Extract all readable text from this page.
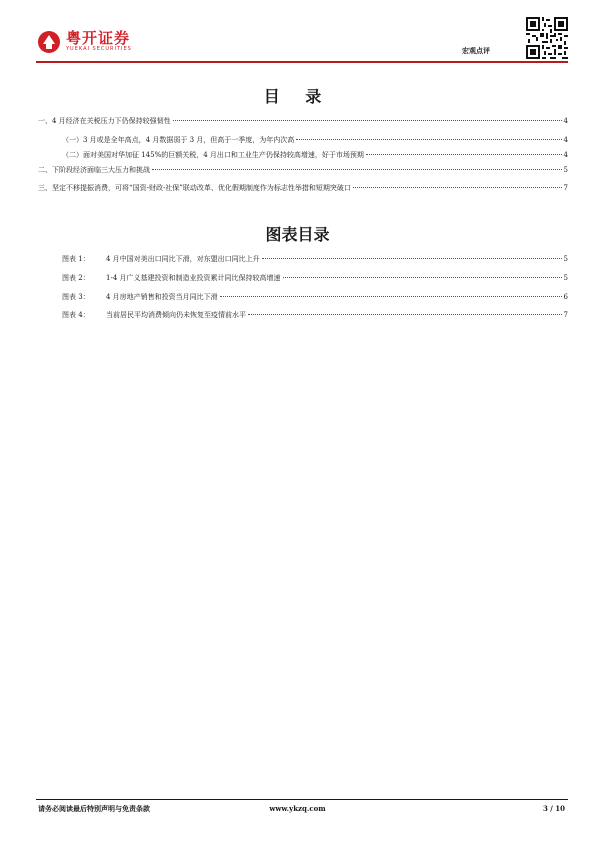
粤开证券
YUEKAI SECURITIES	宏观点评
目 录
一、4 月经济在关税压力下仍保持较强韧性	4
（一）3 月或是全年高点，4 月数据弱于 3 月，但高于一季度，为年内次高	4
（二）面对美国对华加征 145%的巨额关税，4 月出口和工业生产仍保持较高增速，好于市场预期	4
二、下阶段经济面临三大压力和挑战	5
三、坚定不移提振消费，可将“国资-财政-社保”联动改革、优化假期制度作为标志性举措和短期突破口	7
图表目录
图表 1：	4 月中国对美出口同比下滑，对东盟出口同比上升	5
图表 2：	1-4 月广义基建投资和制造业投资累计同比保持较高增速	5
图表 3：	4 月房地产销售和投资当月同比下滑	6
图表 4：	当前居民平均消费倾向仍未恢复至疫情前水平	7
请务必阅读最后特别声明与免责条款	www.ykzq.com	3 / 10
